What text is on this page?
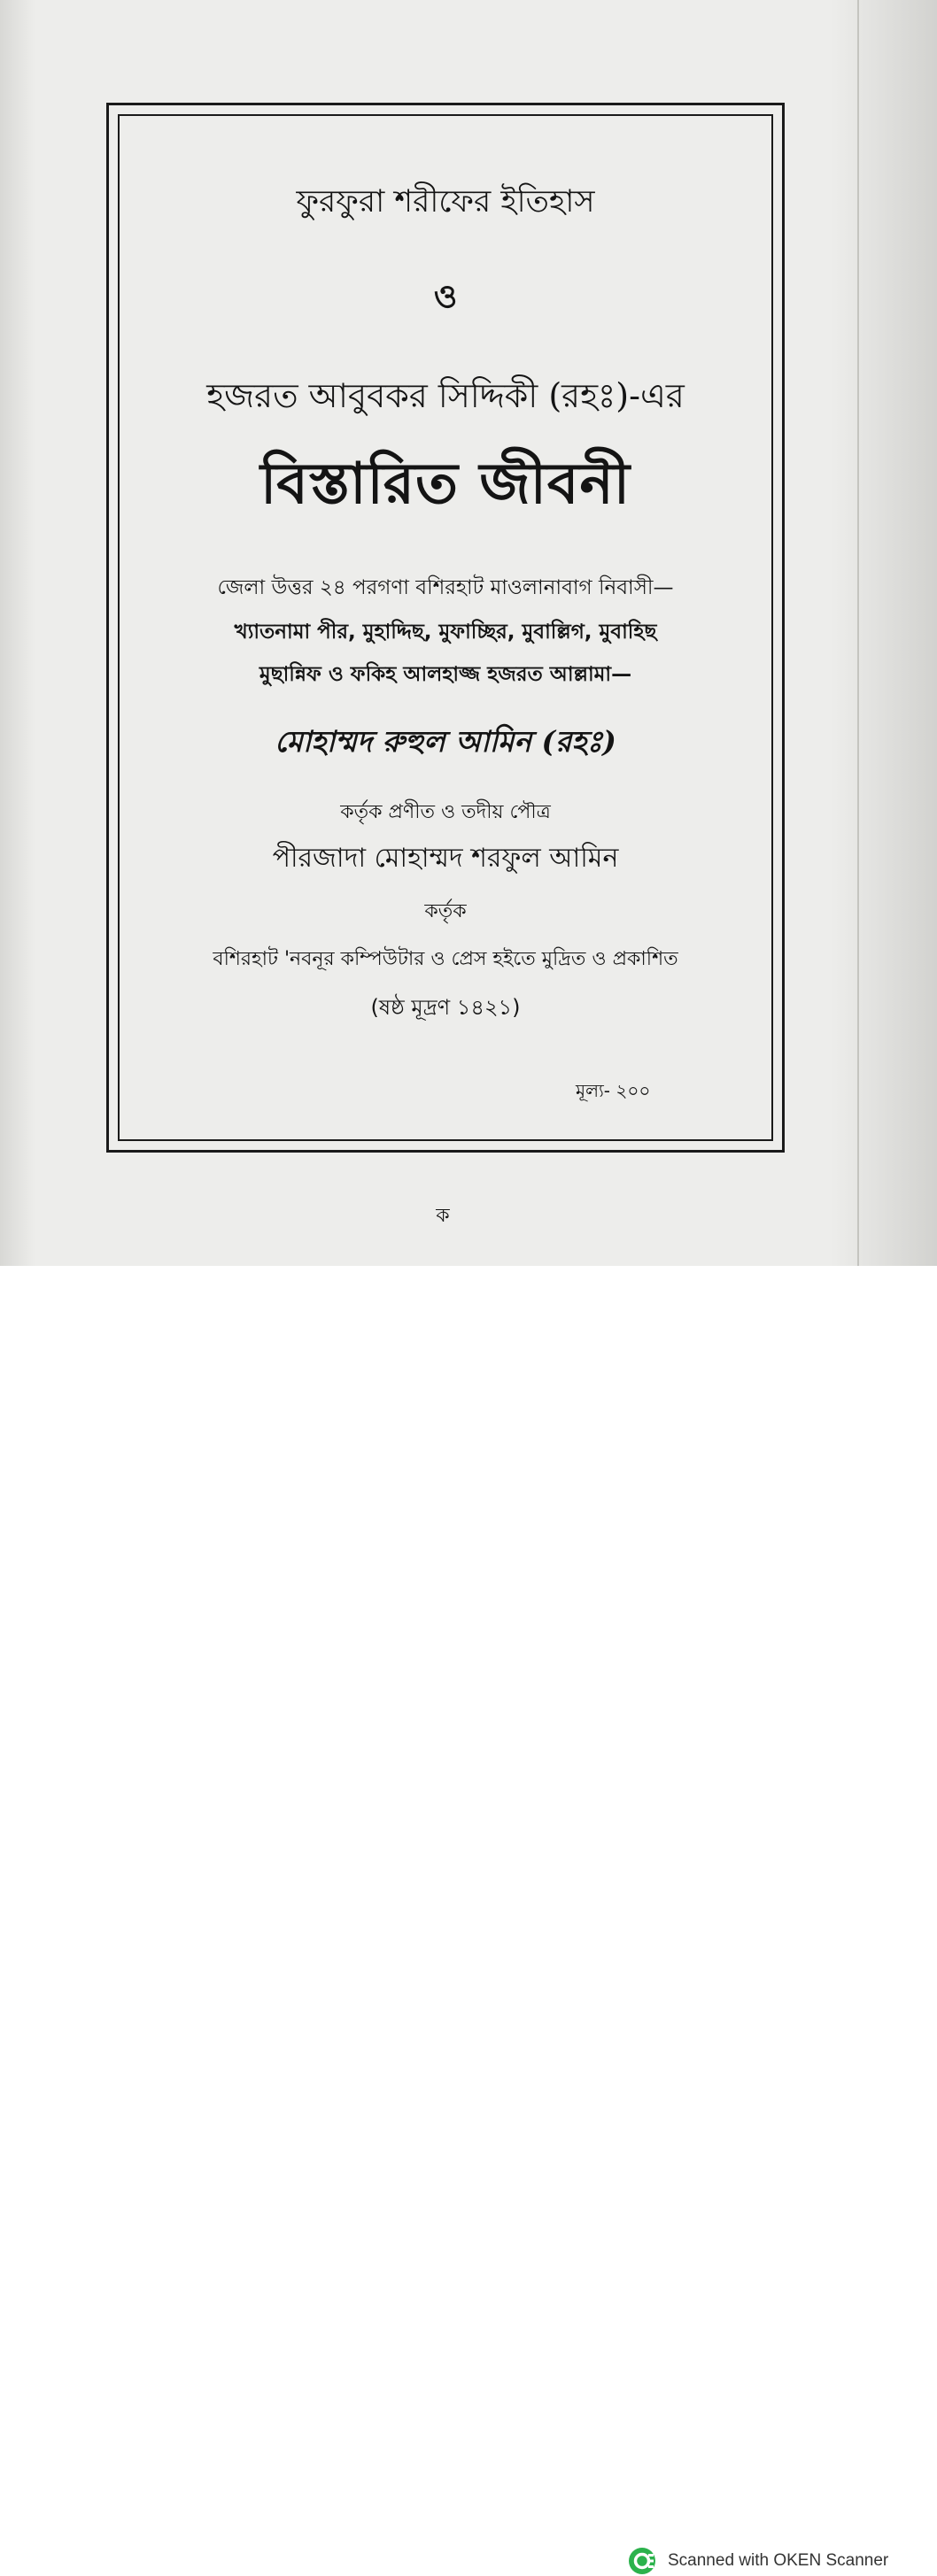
ফুরফুরা শরীফের ইতিহাস
ও
হজরত আবুবকর সিদ্দিকী (রহঃ)-এর
বিস্তারিত জীবনী
জেলা উত্তর ২৪ পরগণা বশিরহাট মাওলানাবাগ নিবাসী—
খ্যাতনামা পীর, মুহাদ্দিছ, মুফাচ্ছির, মুবাল্লিগ, মুবাহিছ
মুছান্নিফ ও ফকিহ আলহাজ্জ হজরত আল্লামা—
মোহাম্মদ রুহুল আমিন (রহঃ)
কর্তৃক প্রণীত ও তদীয় পৌত্র
পীরজাদা মোহাম্মদ শরফুল আমিন
কর্তৃক
বশিরহাট 'নবনূর কম্পিউটার ও প্রেস হইতে মুদ্রিত ও প্রকাশিত
(ষষ্ঠ মূদ্রণ ১৪২১)
মূল্য- ২০০
ক
Scanned with OKEN Scanner
